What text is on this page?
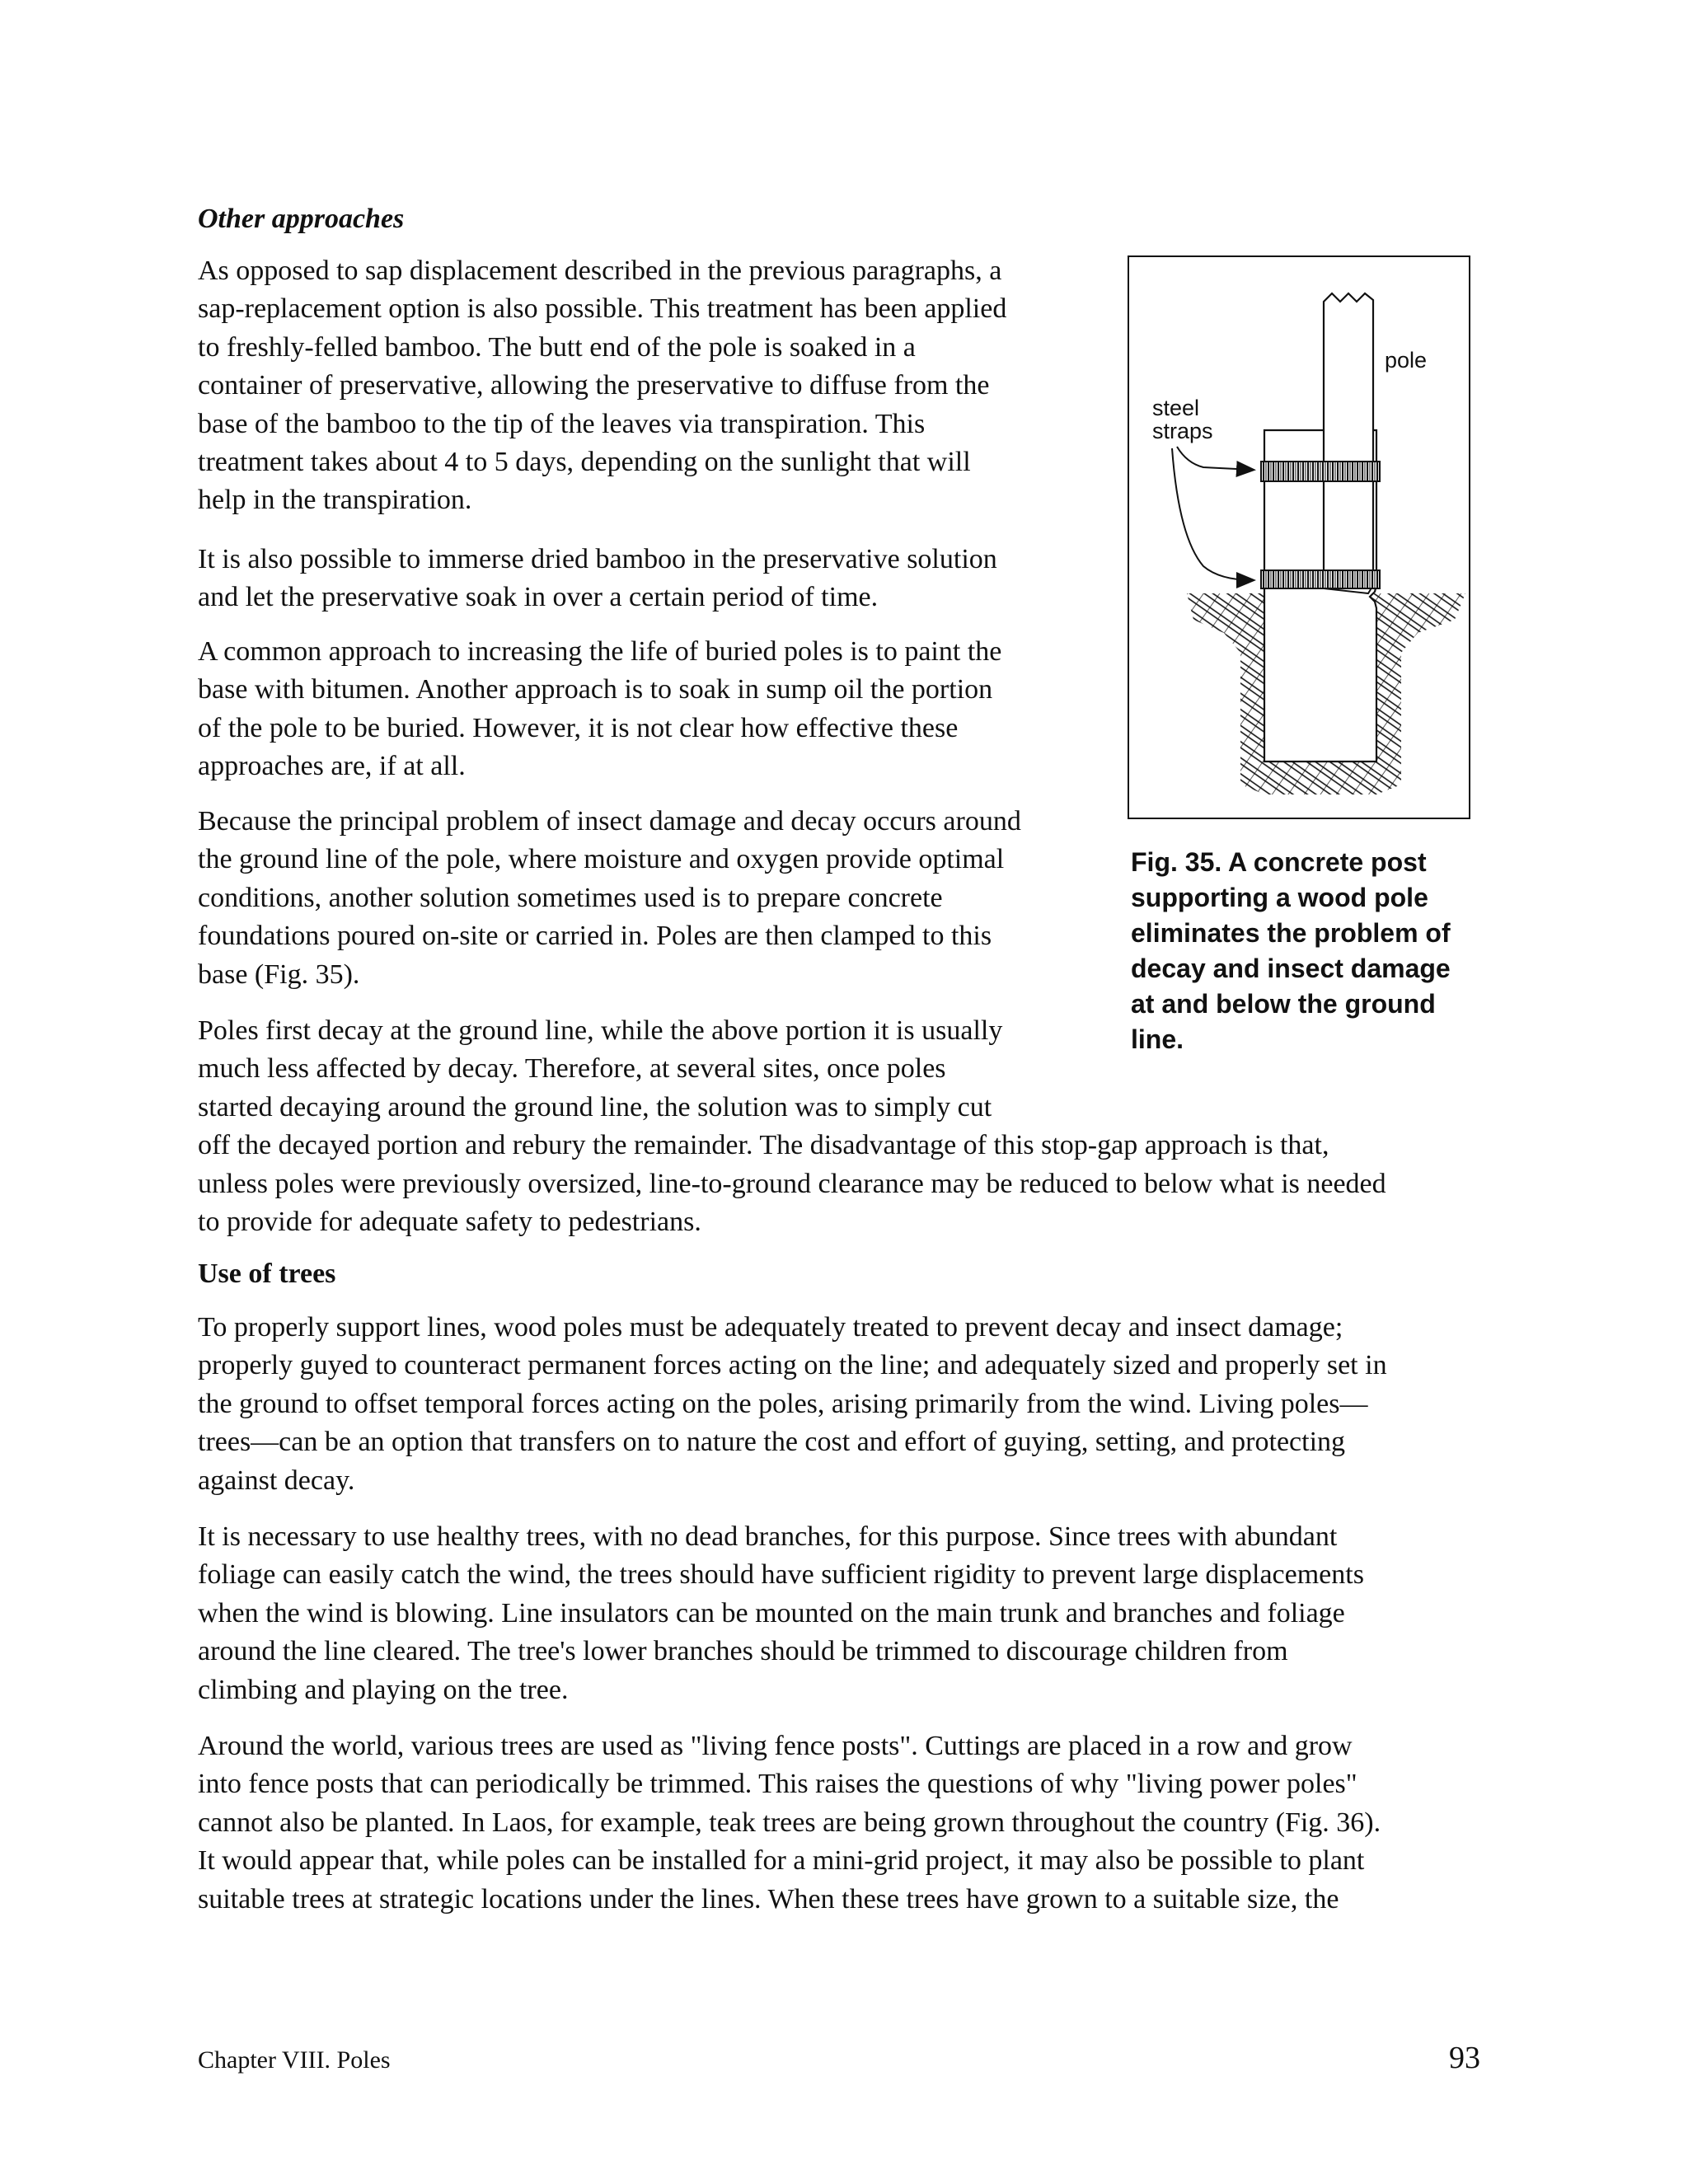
Other approaches

As opposed to sap displacement described in the previous paragraphs, a
sap-replacement option is also possible. This treatment has been applied
to freshly-felled bamboo. The butt end of the pole is soaked in a
container of preservative, allowing the preservative to diffuse from the
base of the bamboo to the tip of the leaves via transpiration. This
treatment takes about 4 to 5 days, depending on the sunlight that will
help in the transpiration.

It is also possible to immerse dried bamboo in the preservative solution
and let the preservative soak in over a certain period of time.

A common approach to increasing the life of buried poles is to paint the
base with bitumen. Another approach is to soak in sump oil the portion
of the pole to be buried. However, it is not clear how effective these
approaches are, if at all.

Because the principal problem of insect damage and decay occurs around
the ground line of the pole, where moisture and oxygen provide optimal
conditions, another solution sometimes used is to prepare concrete
foundations poured on-site or carried in. Poles are then clamped to this
base (Fig. 35).

Poles first decay at the ground line, while the above portion it is usually
much less affected by decay. Therefore, at several sites, once poles
started decaying around the ground line, the solution was to simply cut
off the decayed portion and rebury the remainder. The disadvantage of this stop-gap approach is that,
unless poles were previously oversized, line-to-ground clearance may be reduced to below what is needed
to provide for adequate safety to pedestrians.

Use of trees

To properly support lines, wood poles must be adequately treated to prevent decay and insect damage;
properly guyed to counteract permanent forces acting on the line; and adequately sized and properly set in
the ground to offset temporal forces acting on the poles, arising primarily from the wind. Living poles—
trees—can be an option that transfers on to nature the cost and effort of guying, setting, and protecting
against decay.

It is necessary to use healthy trees, with no dead branches, for this purpose. Since trees with abundant
foliage can easily catch the wind, the trees should have sufficient rigidity to prevent large displacements
when the wind is blowing. Line insulators can be mounted on the main trunk and branches and foliage
around the line cleared. The tree's lower branches should be trimmed to discourage children from
climbing and playing on the tree.

Around the world, various trees are used as "living fence posts". Cuttings are placed in a row and grow
into fence posts that can periodically be trimmed. This raises the questions of why "living power poles"
cannot also be planted. In Laos, for example, teak trees are being grown throughout the country (Fig. 36).
It would appear that, while poles can be installed for a mini-grid project, it may also be possible to plant
suitable trees at strategic locations under the lines. When these trees have grown to a suitable size, the

pole
steel
straps
Fig. 35. A concrete post
supporting a wood pole
eliminates the problem of
decay and insect damage
at and below the ground
line.
Chapter VIII. Poles	93
